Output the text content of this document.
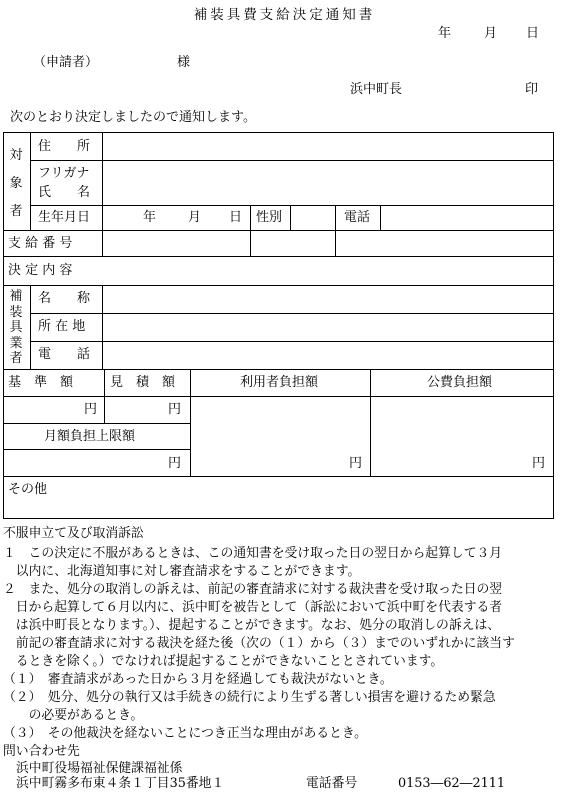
補装具費支給決定通知書
年	月 日
（申請者）	様
浜中町長	印
次のとおり決定しましたので通知します。
対象者
住　　所
フリガナ
氏　　名
生年月日	年 月 日 性別	電話
支 給 番 号
決 定 内 容
補装具業者
名　　称
所 在 地
電　　話
基　準　額	見　積　額	利用者負担額	公費負担額
円	円
月額負担上限額
円	円	円
その他
不服申立て及び取消訴訟
１　この決定に不服があるときは、この通知書を受け取った日の翌日から起算して３月
　以内に、北海道知事に対し審査請求をすることができます。
２　また、処分の取消しの訴えは、前記の審査請求に対する裁決書を受け取った日の翌
　日から起算して６月以内に、浜中町を被告として（訴訟において浜中町を代表する者
　は浜中町長となります。）、提起することができます。なお、処分の取消しの訴えは、
　前記の審査請求に対する裁決を経た後（次の（１）から（３）までのいずれかに該当す
　るときを除く。）でなければ提起することができないこととされています。
（１）　審査請求があった日から３月を経過しても裁決がないとき。
（２）　処分、処分の執行又は手続きの続行により生ずる著しい損害を避けるため緊急
　　の必要があるとき。
（３）　その他裁決を経ないことにつき正当な理由があるとき。
問い合わせ先
浜中町役場福祉保健課福祉係
浜中町霧多布東４条１丁目35番地１	電話番号	0153―62―2111
